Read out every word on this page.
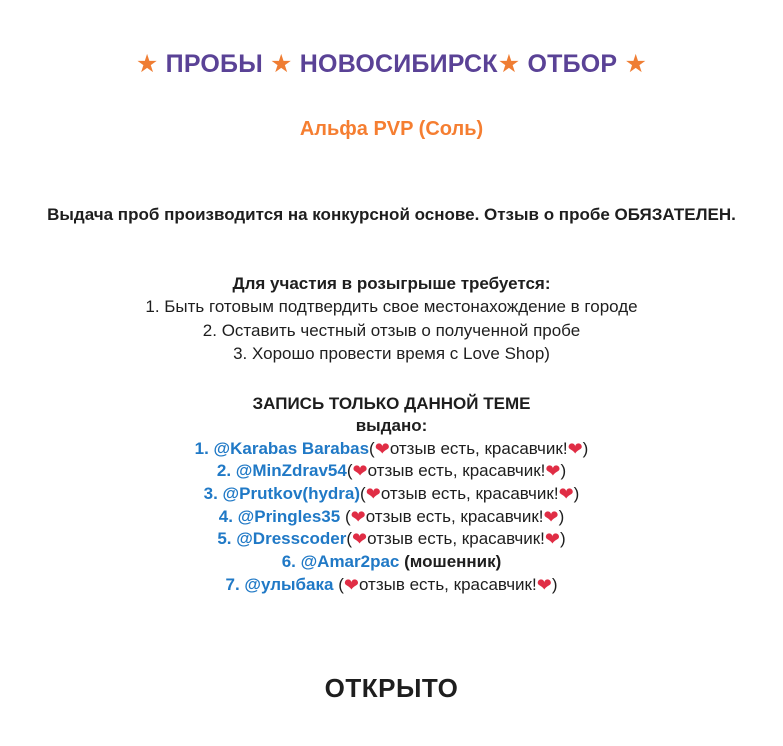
★ ПРОБЫ ★ НОВОСИБИРСК★ ОТБОР ★
Альфа PVP (Соль)
Выдача проб производится на конкурсной основе. Отзыв о пробе ОБЯЗАТЕЛЕН.
Для участия в розыгрыше требуется:
1. Быть готовым подтвердить свое местонахождение в городе
2. Оставить честный отзыв о полученной пробе
3. Хорошо провести время с Love Shop)
ЗАПИСЬ ТОЛЬКО ДАННОЙ ТЕМЕ
выдано:
1. @Karabas Barabas(❤отзыв есть, красавчик!❤)
2. @MinZdrav54(❤отзыв есть, красавчик!❤)
3. @Prutkov(hydra)(❤отзыв есть, красавчик!❤)
4. @Pringles35 (❤отзыв есть, красавчик!❤)
5. @Dresscoder(❤отзыв есть, красавчик!❤)
6. @Amar2pac (мошенник)
7. @улыбака (❤отзыв есть, красавчик!❤)
ОТКРЫТО
